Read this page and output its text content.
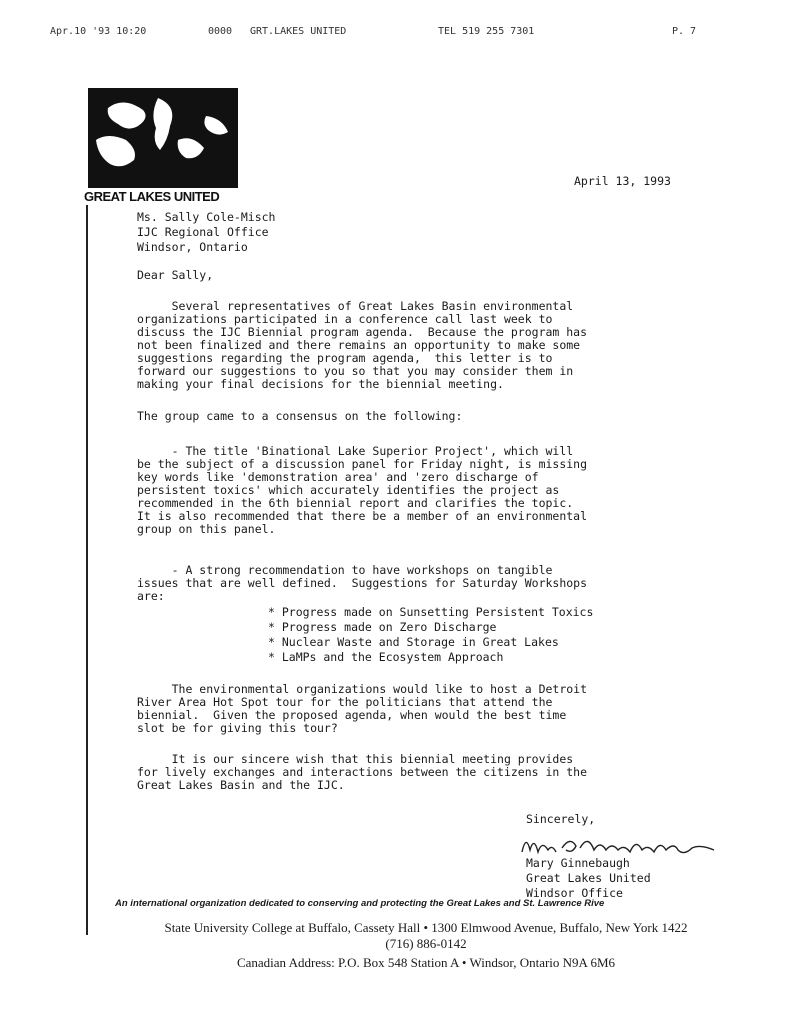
Apr.10 '93 10:20	0000 GRT.LAKES UNITED	TEL 519 255 7301	P. 7
GREAT LAKES UNITED

April 13, 1993

Ms. Sally Cole-Misch

IJC Regional Office

Windsor, Ontario

Dear Sally,

Several representatives of Great Lakes Basin environmental

organizations participated in a conference call last week to

discuss the IJC Biennial program agenda.  Because the program has

not been finalized and there remains an opportunity to make some

suggestions regarding the program agenda,  this letter is to

forward our suggestions to you so that you may consider them in

making your final decisions for the biennial meeting.

The group came to a consensus on the following:

- The title 'Binational Lake Superior Project', which will

be the subject of a discussion panel for Friday night, is missing

key words like 'demonstration area' and 'zero discharge of

persistent toxics' which accurately identifies the project as

recommended in the 6th biennial report and clarifies the topic.

It is also recommended that there be a member of an environmental

group on this panel.

- A strong recommendation to have workshops on tangible

issues that are well defined.  Suggestions for Saturday Workshops

are:

* Progress made on Sunsetting Persistent Toxics

* Progress made on Zero Discharge

* Nuclear Waste and Storage in Great Lakes

* LaMPs and the Ecosystem Approach

The environmental organizations would like to host a Detroit

River Area Hot Spot tour for the politicians that attend the

biennial.  Given the proposed agenda, when would the best time

slot be for giving this tour?

It is our sincere wish that this biennial meeting provides

for lively exchanges and interactions between the citizens in the

Great Lakes Basin and the IJC.

Sincerely,

Mary Ginnebaugh

Great Lakes United

Windsor Office

An international organization dedicated to conserving and protecting the Great Lakes and St. Lawrence Rive
State University College at Buffalo, Cassety Hall • 1300 Elmwood Avenue, Buffalo, New York 1422
(716) 886-0142
Canadian Address: P.O. Box 548 Station A • Windsor, Ontario N9A 6M6
